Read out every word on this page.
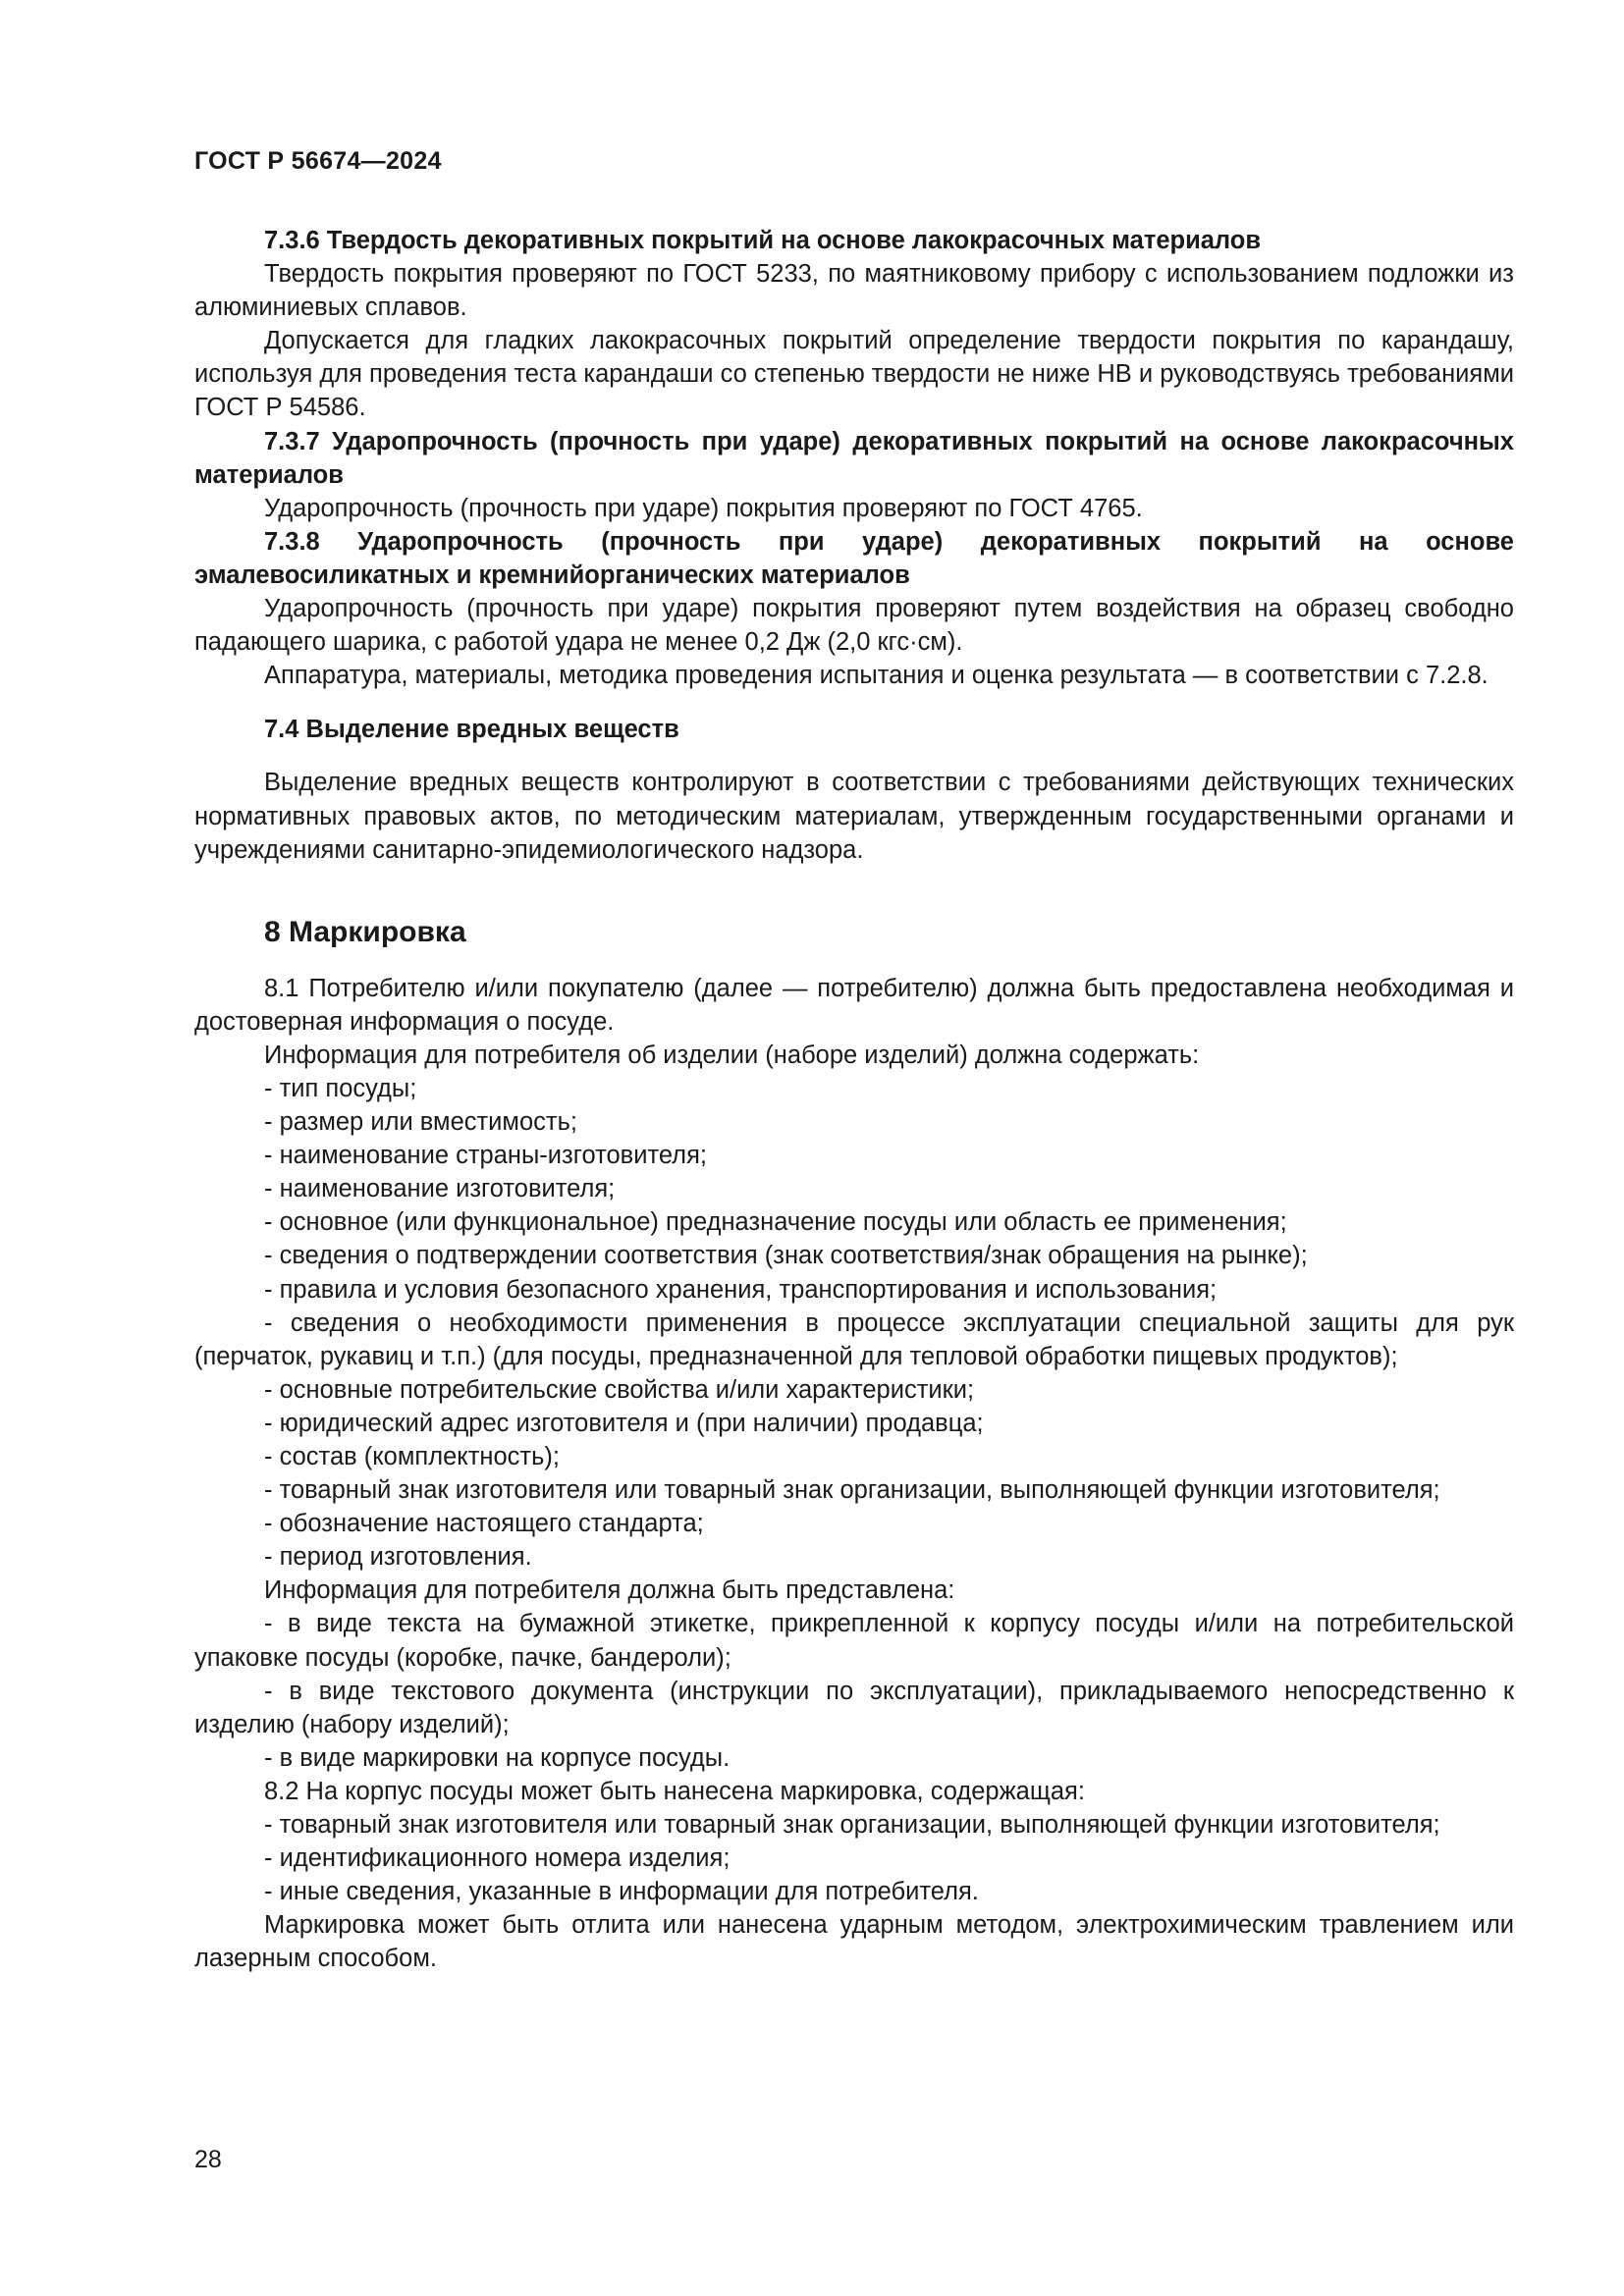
ГОСТ Р 56674—2024

7.3.6 Твердость декоративных покрытий на основе лакокрасочных материалов

Твердость покрытия проверяют по ГОСТ 5233, по маятниковому прибору с использованием подложки из алюминиевых сплавов.

Допускается для гладких лакокрасочных покрытий определение твердости покрытия по карандашу, используя для проведения теста карандаши со степенью твердости не ниже НВ и руководствуясь требованиями ГОСТ Р 54586.

7.3.7 Ударопрочность (прочность при ударе) декоративных покрытий на основе лакокрасочных материалов

Ударопрочность (прочность при ударе) покрытия проверяют по ГОСТ 4765.

7.3.8 Ударопрочность (прочность при ударе) декоративных покрытий на основе эмалевосиликатных и кремнийорганических материалов

Ударопрочность (прочность при ударе) покрытия проверяют путем воздействия на образец свободно падающего шарика, с работой удара не менее 0,2 Дж (2,0 кгс·см).

Аппаратура, материалы, методика проведения испытания и оценка результата — в соответствии с 7.2.8.

7.4 Выделение вредных веществ

Выделение вредных веществ контролируют в соответствии с требованиями действующих технических нормативных правовых актов, по методическим материалам, утвержденным государственными органами и учреждениями санитарно-эпидемиологического надзора.

8 Маркировка

8.1 Потребителю и/или покупателю (далее — потребителю) должна быть предоставлена необходимая и достоверная информация о посуде.

Информация для потребителя об изделии (наборе изделий) должна содержать:

- тип посуды;

- размер или вместимость;

- наименование страны-изготовителя;

- наименование изготовителя;

- основное (или функциональное) предназначение посуды или область ее применения;

- сведения о подтверждении соответствия (знак соответствия/знак обращения на рынке);

- правила и условия безопасного хранения, транспортирования и использования;

- сведения о необходимости применения в процессе эксплуатации специальной защиты для рук (перчаток, рукавиц и т.п.) (для посуды, предназначенной для тепловой обработки пищевых продуктов);

- основные потребительские свойства и/или характеристики;

- юридический адрес изготовителя и (при наличии) продавца;

- состав (комплектность);

- товарный знак изготовителя или товарный знак организации, выполняющей функции изготовителя;

- обозначение настоящего стандарта;

- период изготовления.

Информация для потребителя должна быть представлена:

- в виде текста на бумажной этикетке, прикрепленной к корпусу посуды и/или на потребительской упаковке посуды (коробке, пачке, бандероли);

- в виде текстового документа (инструкции по эксплуатации), прикладываемого непосредственно к изделию (набору изделий);

- в виде маркировки на корпусе посуды.

8.2 На корпус посуды может быть нанесена маркировка, содержащая:

- товарный знак изготовителя или товарный знак организации, выполняющей функции изготовителя;

- идентификационного номера изделия;

- иные сведения, указанные в информации для потребителя.

Маркировка может быть отлита или нанесена ударным методом, электрохимическим травлением или лазерным способом.

28
